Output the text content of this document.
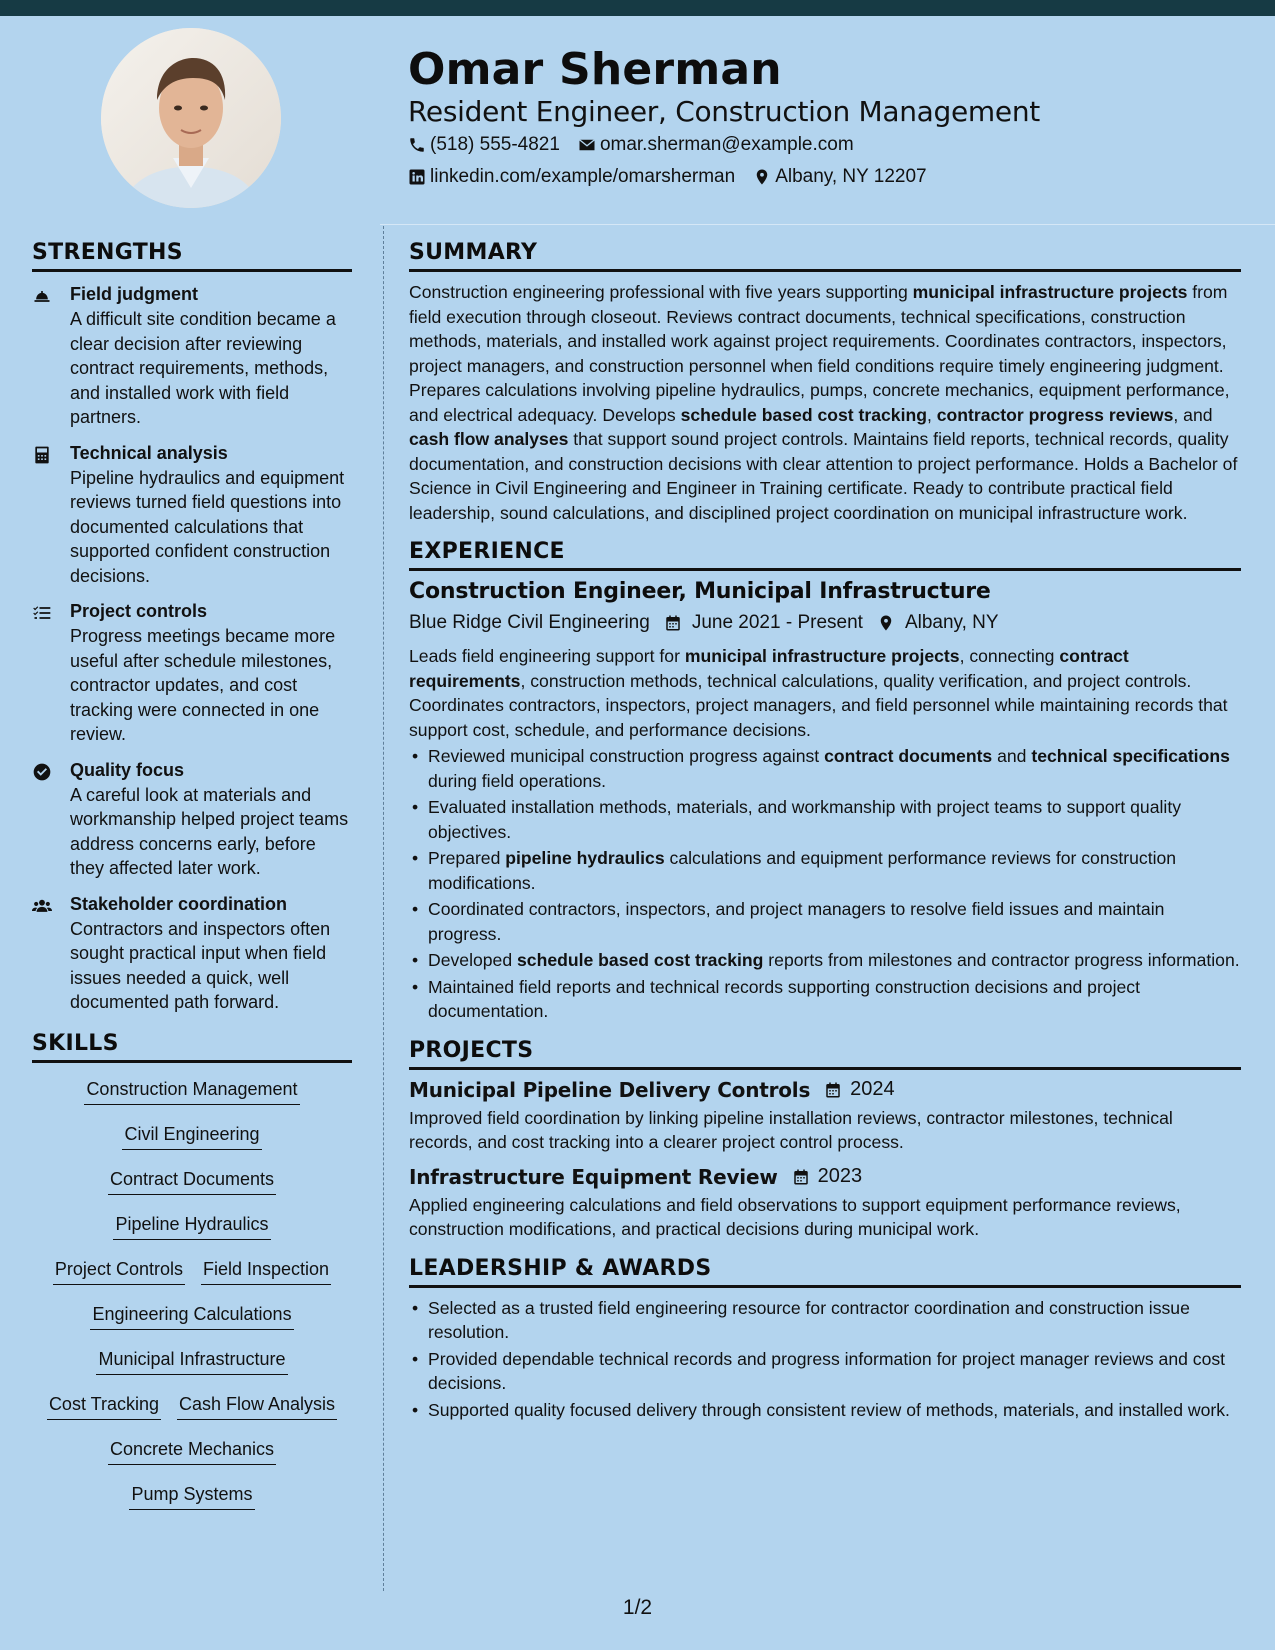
Omar Sherman
Resident Engineer, Construction Management
(518) 555-4821 omar.sherman@example.com
linkedin.com/example/omarsherman Albany, NY 12207
STRENGTHS
Field judgment
A difficult site condition became a clear decision after reviewing contract requirements, methods, and installed work with field partners.
Technical analysis
Pipeline hydraulics and equipment reviews turned field questions into documented calculations that supported confident construction decisions.
Project controls
Progress meetings became more useful after schedule milestones, contractor updates, and cost tracking were connected in one review.
Quality focus
A careful look at materials and workmanship helped project teams address concerns early, before they affected later work.
Stakeholder coordination
Contractors and inspectors often sought practical input when field issues needed a quick, well documented path forward.
SKILLS
Construction Management
Civil Engineering
Contract Documents
Pipeline Hydraulics
Project Controls Field Inspection
Engineering Calculations
Municipal Infrastructure
Cost Tracking Cash Flow Analysis
Concrete Mechanics
Pump Systems
SUMMARY
Construction engineering professional with five years supporting municipal infrastructure projects from field execution through closeout. Reviews contract documents, technical specifications, construction methods, materials, and installed work against project requirements. Coordinates contractors, inspectors, project managers, and construction personnel when field conditions require timely engineering judgment. Prepares calculations involving pipeline hydraulics, pumps, concrete mechanics, equipment performance, and electrical adequacy. Develops schedule based cost tracking, contractor progress reviews, and cash flow analyses that support sound project controls. Maintains field reports, technical records, quality documentation, and construction decisions with clear attention to project performance. Holds a Bachelor of Science in Civil Engineering and Engineer in Training certificate. Ready to contribute practical field leadership, sound calculations, and disciplined project coordination on municipal infrastructure work.
EXPERIENCE
Construction Engineer, Municipal Infrastructure
Blue Ridge Civil Engineering June 2021 - Present Albany, NY
Leads field engineering support for municipal infrastructure projects, connecting contract requirements, construction methods, technical calculations, quality verification, and project controls. Coordinates contractors, inspectors, project managers, and field personnel while maintaining records that support cost, schedule, and performance decisions.
• Reviewed municipal construction progress against contract documents and technical specifications during field operations.
• Evaluated installation methods, materials, and workmanship with project teams to support quality objectives.
• Prepared pipeline hydraulics calculations and equipment performance reviews for construction modifications.
• Coordinated contractors, inspectors, and project managers to resolve field issues and maintain progress.
• Developed schedule based cost tracking reports from milestones and contractor progress information.
• Maintained field reports and technical records supporting construction decisions and project documentation.
PROJECTS
Municipal Pipeline Delivery Controls 2024
Improved field coordination by linking pipeline installation reviews, contractor milestones, technical records, and cost tracking into a clearer project control process.
Infrastructure Equipment Review 2023
Applied engineering calculations and field observations to support equipment performance reviews, construction modifications, and practical decisions during municipal work.
LEADERSHIP & AWARDS
• Selected as a trusted field engineering resource for contractor coordination and construction issue resolution.
• Provided dependable technical records and progress information for project manager reviews and cost decisions.
• Supported quality focused delivery through consistent review of methods, materials, and installed work.
1/2
